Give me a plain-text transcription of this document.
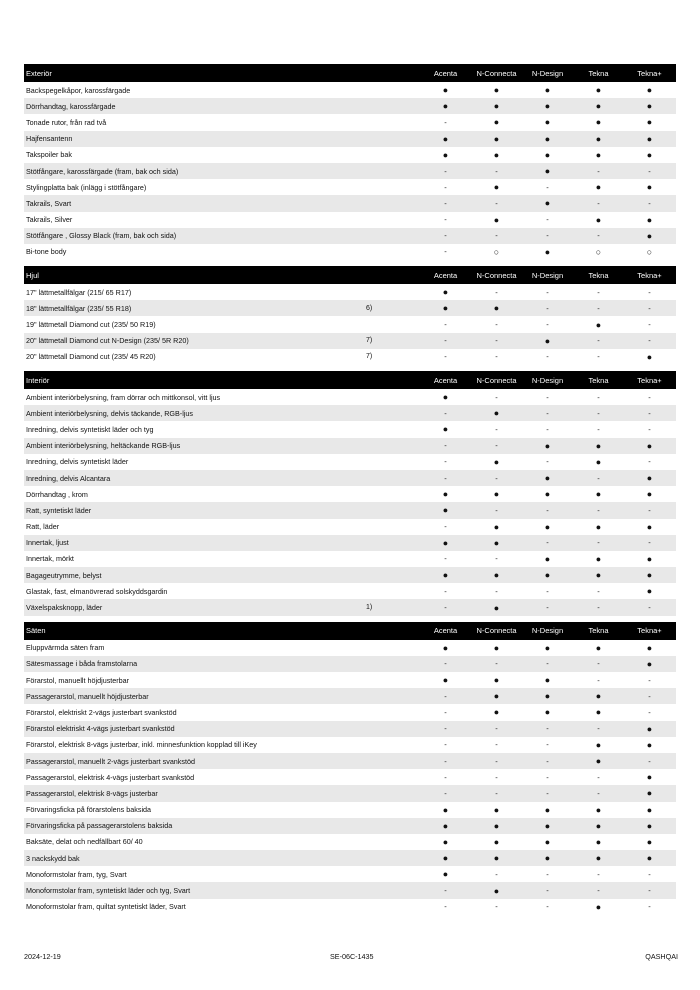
Exteriör	Acenta	N-Connecta	N-Design	Tekna	Tekna+
Backspegelkåpor, karossfärgade	●	●	●	●	●
Dörrhandtag, karossfärgade	●	●	●	●	●
Tonade rutor, från rad två	-	●	●	●	●
Hajfensantenn	●	●	●	●	●
Takspoiler bak	●	●	●	●	●
Stötfångare, karossfärgade (fram, bak och sida)	-	-	●	-	-
Stylingplatta bak (inlägg i stötfångare)	-	●	-	●	●
Takrails, Svart	-	-	●	-	-
Takrails, Silver	-	●	-	●	●
Stötfångare , Glossy Black (fram, bak och sida)	-	-	-	-	●
Bi-tone body	-	○	●	○	○
Hjul	Acenta	N-Connecta	N-Design	Tekna	Tekna+
17" lättmetallfälgar (215/ 65 R17)	●	-	-	-	-
18" lättmetallfälgar (235/ 55 R18)	6)	●	●	-	-	-
19" lättmetall Diamond cut (235/ 50 R19)	-	-	-	●	-
20" lättmetall Diamond cut N-Design (235/ 5R R20)	7)	-	-	●	-	-
20" lättmetall Diamond cut (235/ 45 R20)	7)	-	-	-	-	●
Interiör	Acenta	N-Connecta	N-Design	Tekna	Tekna+
Ambient interiörbelysning, fram dörrar och mittkonsol, vitt ljus	●	-	-	-	-
Ambient interiörbelysning, delvis täckande, RGB-ljus	-	●	-	-	-
Inredning, delvis syntetiskt läder och tyg	●	-	-	-	-
Ambient interiörbelysning, heltäckande RGB-ljus	-	-	●	●	●
Inredning, delvis syntetiskt läder	-	●	-	●	-
Inredning, delvis Alcantara	-	-	●	-	●
Dörrhandtag , krom	●	●	●	●	●
Ratt, syntetiskt läder	●	-	-	-	-
Ratt, läder	-	●	●	●	●
Innertak, ljust	●	●	-	-	-
Innertak, mörkt	-	-	●	●	●
Bagageutrymme, belyst	●	●	●	●	●
Glastak, fast, elmanövrerad solskyddsgardin	-	-	-	-	●
Växelspaksknopp, läder	1)	-	●	-	-	-
Säten	Acenta	N-Connecta	N-Design	Tekna	Tekna+
Eluppvärmda säten fram	●	●	●	●	●
Sätesmassage i båda framstolarna	-	-	-	-	●
Förarstol, manuellt höjdjusterbar	●	●	●	-	-
Passagerarstol, manuellt höjdjusterbar	-	●	●	●	-
Förarstol, elektriskt 2-vägs justerbart svankstöd	-	●	●	●	-
Förarstol elektriskt 4-vägs justerbart svankstöd	-	-	-	-	●
Förarstol, elektrisk 8-vägs justerbar, inkl. minnesfunktion kopplad till iKey	-	-	-	●	●
Passagerarstol, manuellt 2-vägs justerbart svankstöd	-	-	-	●	-
Passagerarstol, elektrisk 4-vägs justerbart svankstöd	-	-	-	-	●
Passagerarstol, elektrisk 8-vägs justerbar	-	-	-	-	●
Förvaringsficka på förarstolens baksida	●	●	●	●	●
Förvaringsficka på passagerarstolens baksida	●	●	●	●	●
Baksäte, delat och nedfällbart 60/ 40	●	●	●	●	●
3 nackskydd bak	●	●	●	●	●
Monoformstolar fram, tyg, Svart	●	-	-	-	-
Monoformstolar fram, syntetiskt läder och tyg, Svart	-	●	-	-	-
Monoformstolar fram, quiltat syntetiskt läder, Svart	-	-	-	●	-
2024-12-19	SE-06C-1435	QASHQAI
